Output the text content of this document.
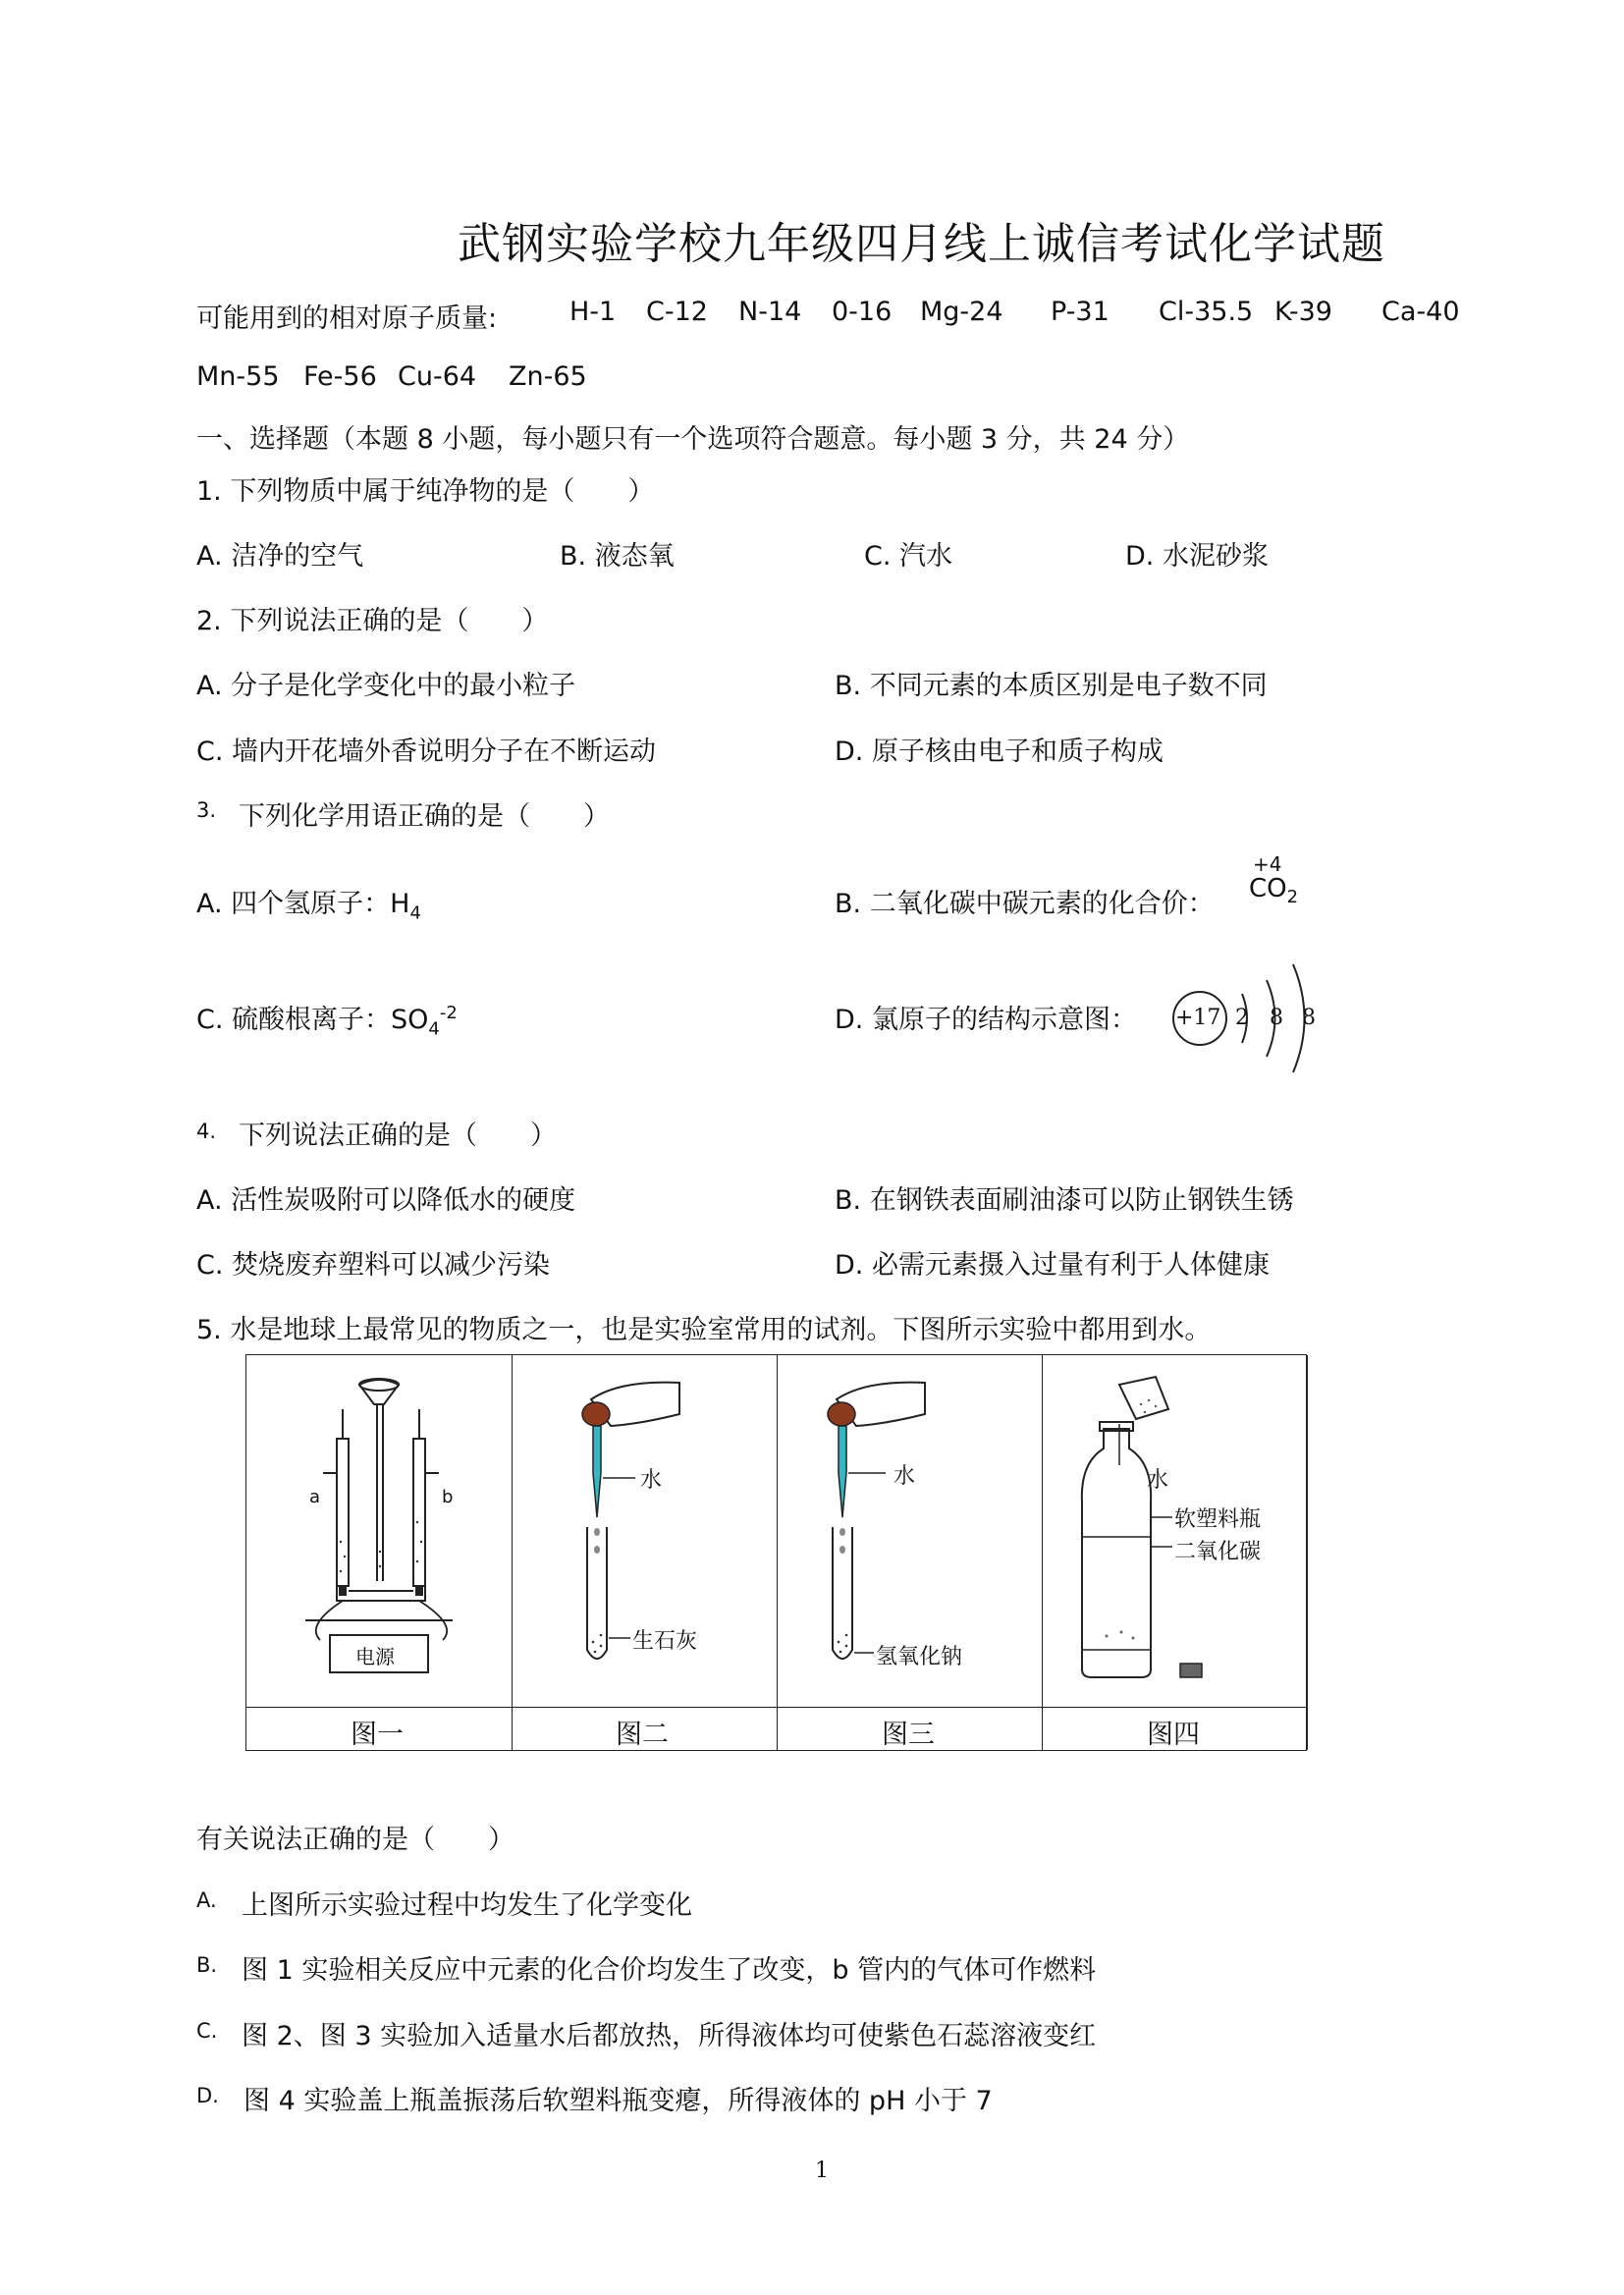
武钢实验学校九年级四月线上诚信考试化学试题
可能用到的相对原子质量:	H-1 C-12 N-14 0-16 Mg-24 P-31 Cl-35.5 K-39 Ca-40
Mn-55 Fe-56 Cu-64 Zn-65
一、选择题（本题 8 小题，每小题只有一个选项符合题意。每小题 3 分，共 24 分）
1. 下列物质中属于纯净物的是（　　）
A. 洁净的空气	B. 液态氧	C. 汽水	D. 水泥砂浆
2. 下列说法正确的是（　　）
A. 分子是化学变化中的最小粒子	B. 不同元素的本质区别是电子数不同
C. 墙内开花墙外香说明分子在不断运动	D. 原子核由电子和质子构成
3. 下列化学用语正确的是（　　）
A. 四个氢原子：$H_4$	B. 二氧化碳中碳元素的化合价：
+4
$CO_2$
C. 硫酸根离子：$SO_4^{-2}$	D. 氯原子的结构示意图： +17 2 8 8
4. 下列说法正确的是（　　）
A. 活性炭吸附可以降低水的硬度	B. 在钢铁表面刷油漆可以防止钢铁生锈
C. 焚烧废弃塑料可以减少污染	D. 必需元素摄入过量有利于人体健康
5. 水是地球上最常见的物质之一，也是实验室常用的试剂。下图所示实验中都用到水。
a	b
电源
水
生石灰
水
氢氧化钠
水
软塑料瓶
二氧化碳
图一	图二	图三	图四
有关说法正确的是（　　）
A. 上图所示实验过程中均发生了化学变化
B. 图 1 实验相关反应中元素的化合价均发生了改变，b 管内的气体可作燃料
C. 图 2、图 3 实验加入适量水后都放热，所得液体均可使紫色石蕊溶液变红
D. 图 4 实验盖上瓶盖振荡后软塑料瓶变瘪，所得液体的 pH 小于 7
1
